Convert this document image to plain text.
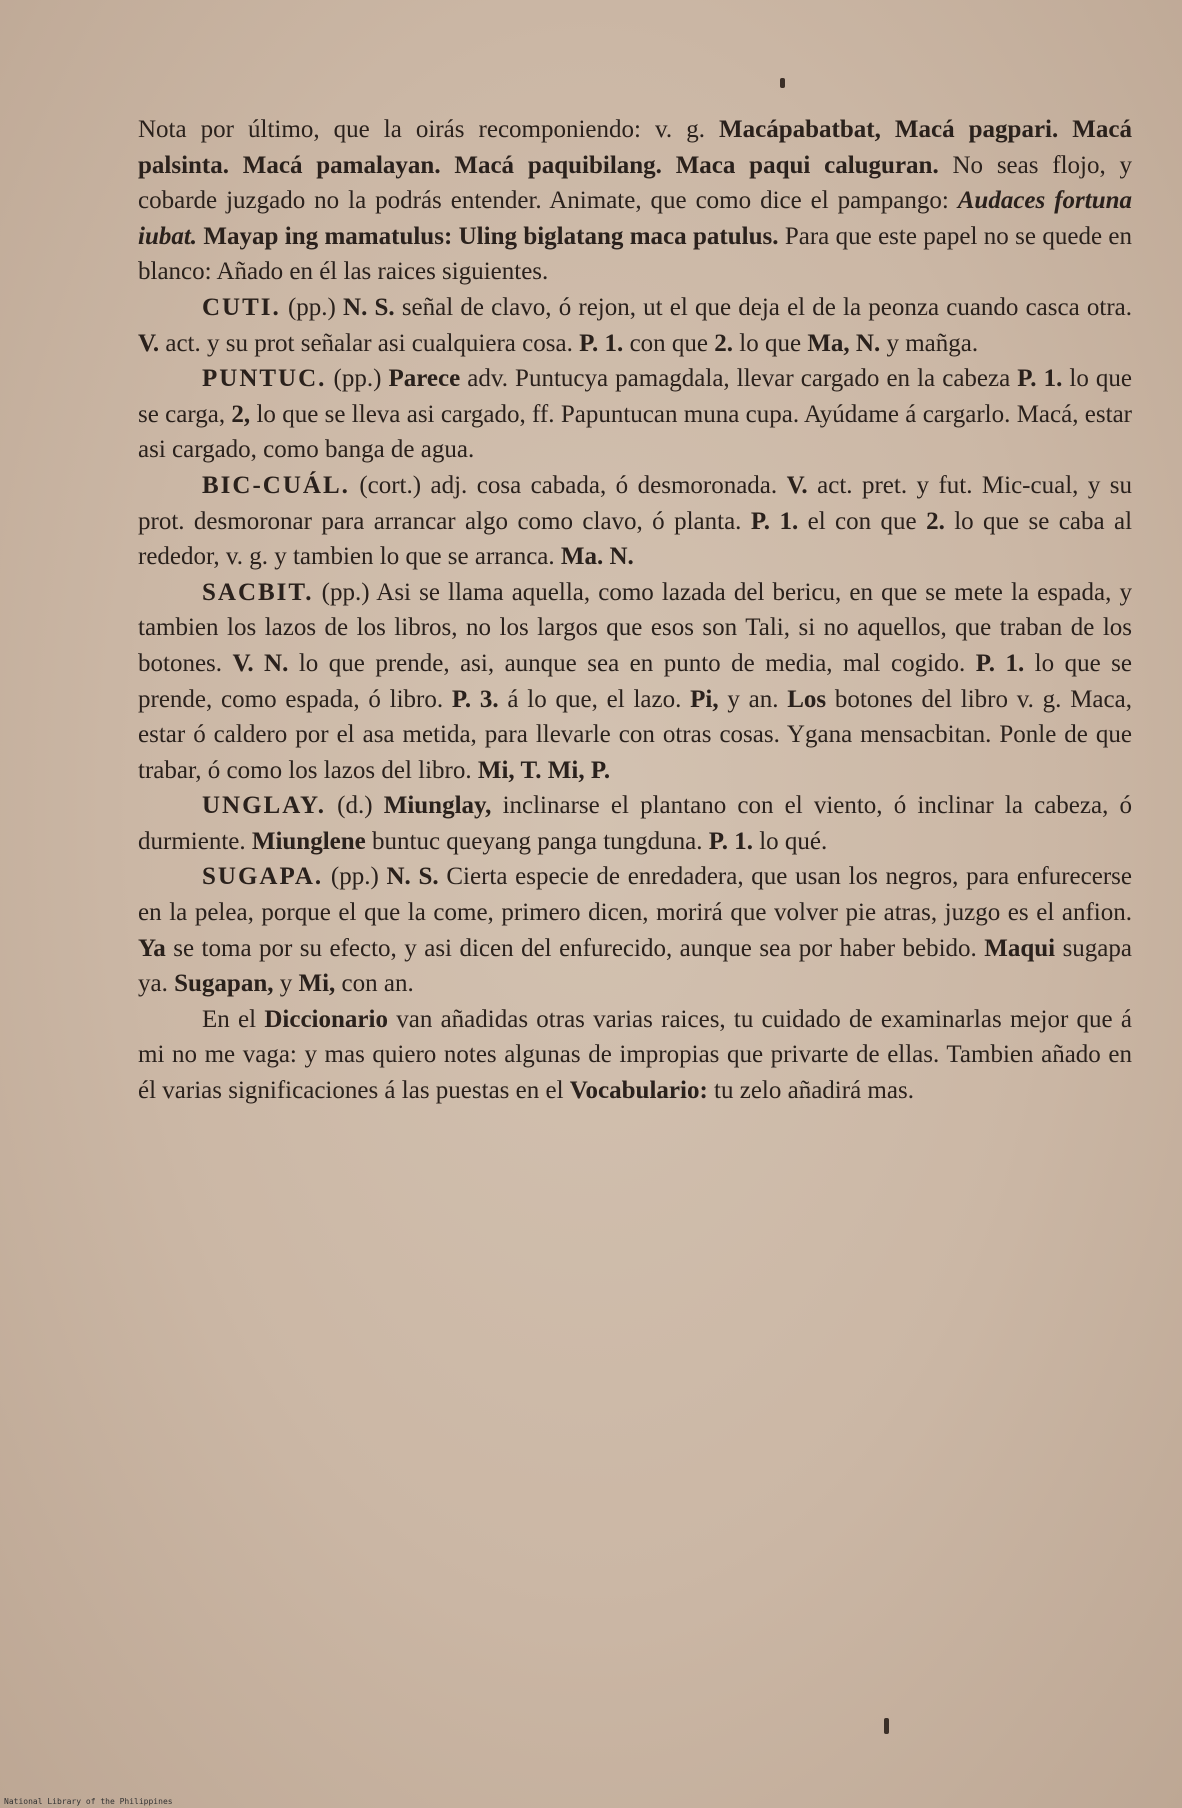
Nota por último, que la oirás recomponiendo: v. g. Macápabatbat, Macá pagpari. Macá palsinta. Macá pamalayan. Macá paquibilang. Maca paqui caluguran. No seas flojo, y cobarde juzgado no la podrás entender. Animate, que como dice el pampango: Audaces fortuna iubat. Mayap ing mamatulus: Uling biglatang maca patulus. Para que este papel no se quede en blanco: Añado en él las raices siguientes.

CUTI. (pp.) N. S. señal de clavo, ó rejon, ut el que deja el de la peonza cuando casca otra. V. act. y su prot señalar asi cualquiera cosa. P. 1. con que 2. lo que Ma, N. y mañga.

PUNTUC. (pp.) Parece adv. Puntucya pamagdala, llevar cargado en la cabeza P. 1. lo que se carga, 2, lo que se lleva asi cargado, ff. Papuntucan muna cupa. Ayúdame á cargarlo. Macá, estar asi cargado, como banga de agua.

BIC-CUÁL. (cort.) adj. cosa cabada, ó desmoronada. V. act. pret. y fut. Mic-cual, y su prot. desmoronar para arrancar algo como clavo, ó planta. P. 1. el con que 2. lo que se caba al rededor, v. g. y tambien lo que se arranca. Ma. N.

SACBIT. (pp.) Asi se llama aquella, como lazada del bericu, en que se mete la espada, y tambien los lazos de los libros, no los largos que esos son Tali, si no aquellos, que traban de los botones. V. N. lo que prende, asi, aunque sea en punto de media, mal cogido. P. 1. lo que se prende, como espada, ó libro. P. 3. á lo que, el lazo. Pi, y an. Los botones del libro v. g. Maca, estar ó caldero por el asa metida, para llevarle con otras cosas. Ygana mensacbitan. Ponle de que trabar, ó como los lazos del libro. Mi, T. Mi, P.

UNGLAY. (d.) Miunglay, inclinarse el plantano con el viento, ó inclinar la cabeza, ó durmiente. Miunglene buntuc queyang panga tungduna. P. 1. lo qué.

SUGAPA. (pp.) N. S. Cierta especie de enredadera, que usan los negros, para enfurecerse en la pelea, porque el que la come, primero dicen, morirá que volver pie atras, juzgo es el anfion. Ya se toma por su efecto, y asi dicen del enfurecido, aunque sea por haber bebido. Maqui sugapa ya. Sugapan, y Mi, con an.

En el Diccionario van añadidas otras varias raices, tu cuidado de examinarlas mejor que á mi no me vaga: y mas quiero notes algunas de impropias que privarte de ellas. Tambien añado en él varias significaciones á las puestas en el Vocabulario: tu zelo añadirá mas.

National Library of the Philippines
